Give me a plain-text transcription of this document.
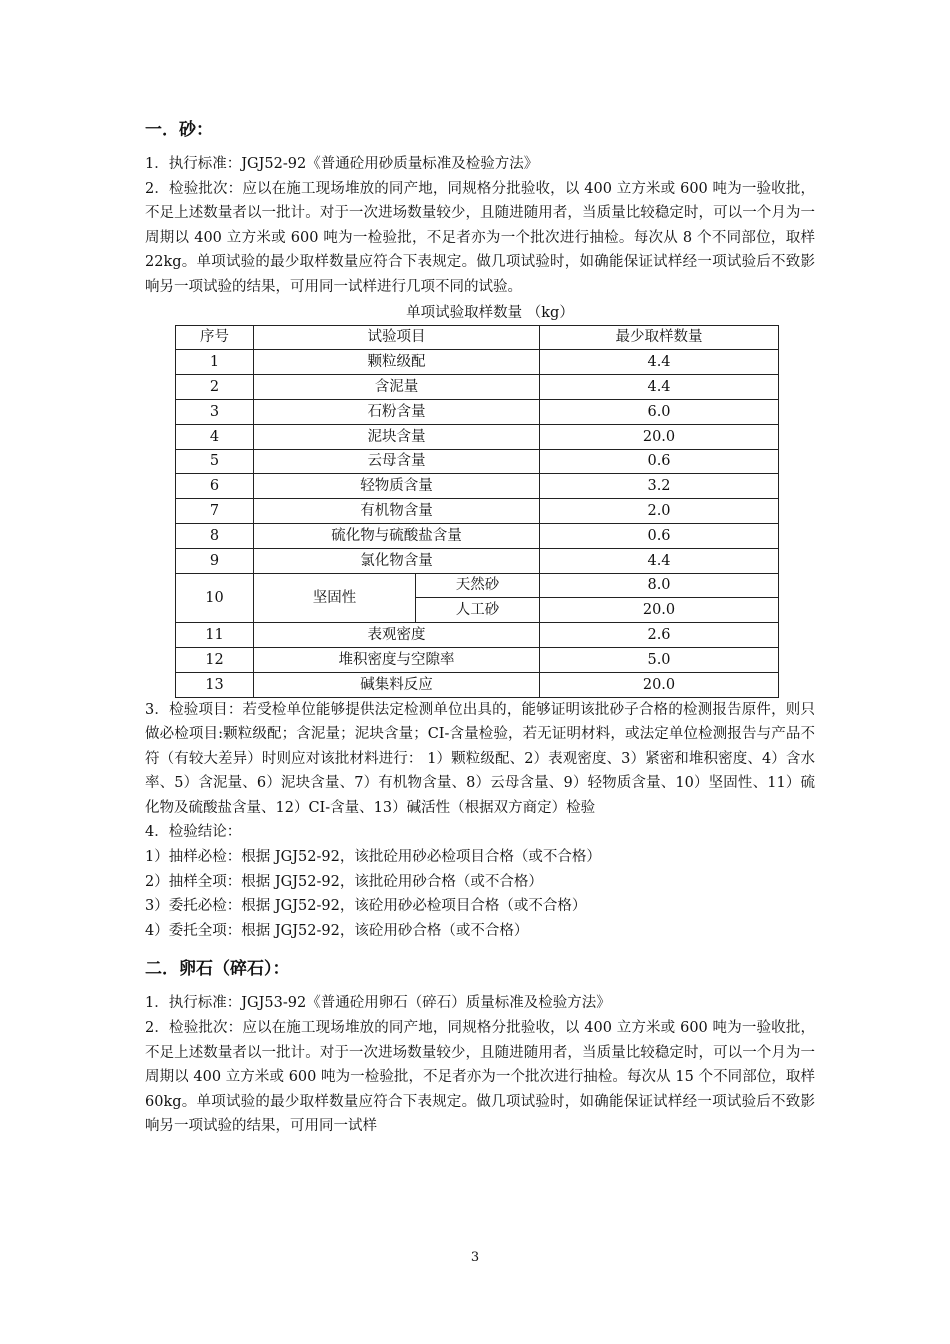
一．砂：

1．执行标准：JGJ52-92《普通砼用砂质量标准及检验方法》

2．检验批次：应以在施工现场堆放的同产地，同规格分批验收，以 400 立方米或 600 吨为一验收批，不足上述数量者以一批计。对于一次进场数量较少，且随进随用者，当质量比较稳定时，可以一个月为一周期以 400 立方米或 600 吨为一检验批，不足者亦为一个批次进行抽检。每次从 8 个不同部位，取样 22kg。单项试验的最少取样数量应符合下表规定。做几项试验时，如确能保证试样经一项试验后不致影响另一项试验的结果，可用同一试样进行几项不同的试验。

单项试验取样数量 （kg）
序号	试验项目		最少取样数量
1	颗粒级配		4.4
2	含泥量		4.4
3	石粉含量		6.0
4	泥块含量		20.0
5	云母含量		0.6
6	轻物质含量		3.2
7	有机物含量		2.0
8	硫化物与硫酸盐含量		0.6
9	氯化物含量		4.4
10	坚固性	天然砂	8.0
		人工砂	20.0
11	表观密度		2.6
12	堆积密度与空隙率		5.0
13	碱集料反应		20.0

3．检验项目：若受检单位能够提供法定检测单位出具的，能够证明该批砂子合格的检测报告原件，则只做必检项目:颗粒级配；含泥量；泥块含量；CI-含量检验，若无证明材料，或法定单位检测报告与产品不符（有较大差异）时则应对该批材料进行： 1）颗粒级配、2）表观密度、3）紧密和堆积密度、4）含水率、5）含泥量、6）泥块含量、7）有机物含量、8）云母含量、9）轻物质含量、10）坚固性、11）硫化物及硫酸盐含量、12）CI-含量、13）碱活性（根据双方商定）检验

4．检验结论：

1）抽样必检：根据 JGJ52-92，该批砼用砂必检项目合格（或不合格）

2）抽样全项：根据 JGJ52-92，该批砼用砂合格（或不合格）

3）委托必检：根据 JGJ52-92，该砼用砂必检项目合格（或不合格）

4）委托全项：根据 JGJ52-92，该砼用砂合格（或不合格）

二．卵石（碎石）：

1．执行标准：JGJ53-92《普通砼用卵石（碎石）质量标准及检验方法》

2．检验批次：应以在施工现场堆放的同产地，同规格分批验收，以 400 立方米或 600 吨为一验收批，不足上述数量者以一批计。对于一次进场数量较少，且随进随用者，当质量比较稳定时，可以一个月为一周期以 400 立方米或 600 吨为一检验批，不足者亦为一个批次进行抽检。每次从 15 个不同部位，取样 60kg。单项试验的最少取样数量应符合下表规定。做几项试验时，如确能保证试样经一项试验后不致影响另一项试验的结果，可用同一试样

3
